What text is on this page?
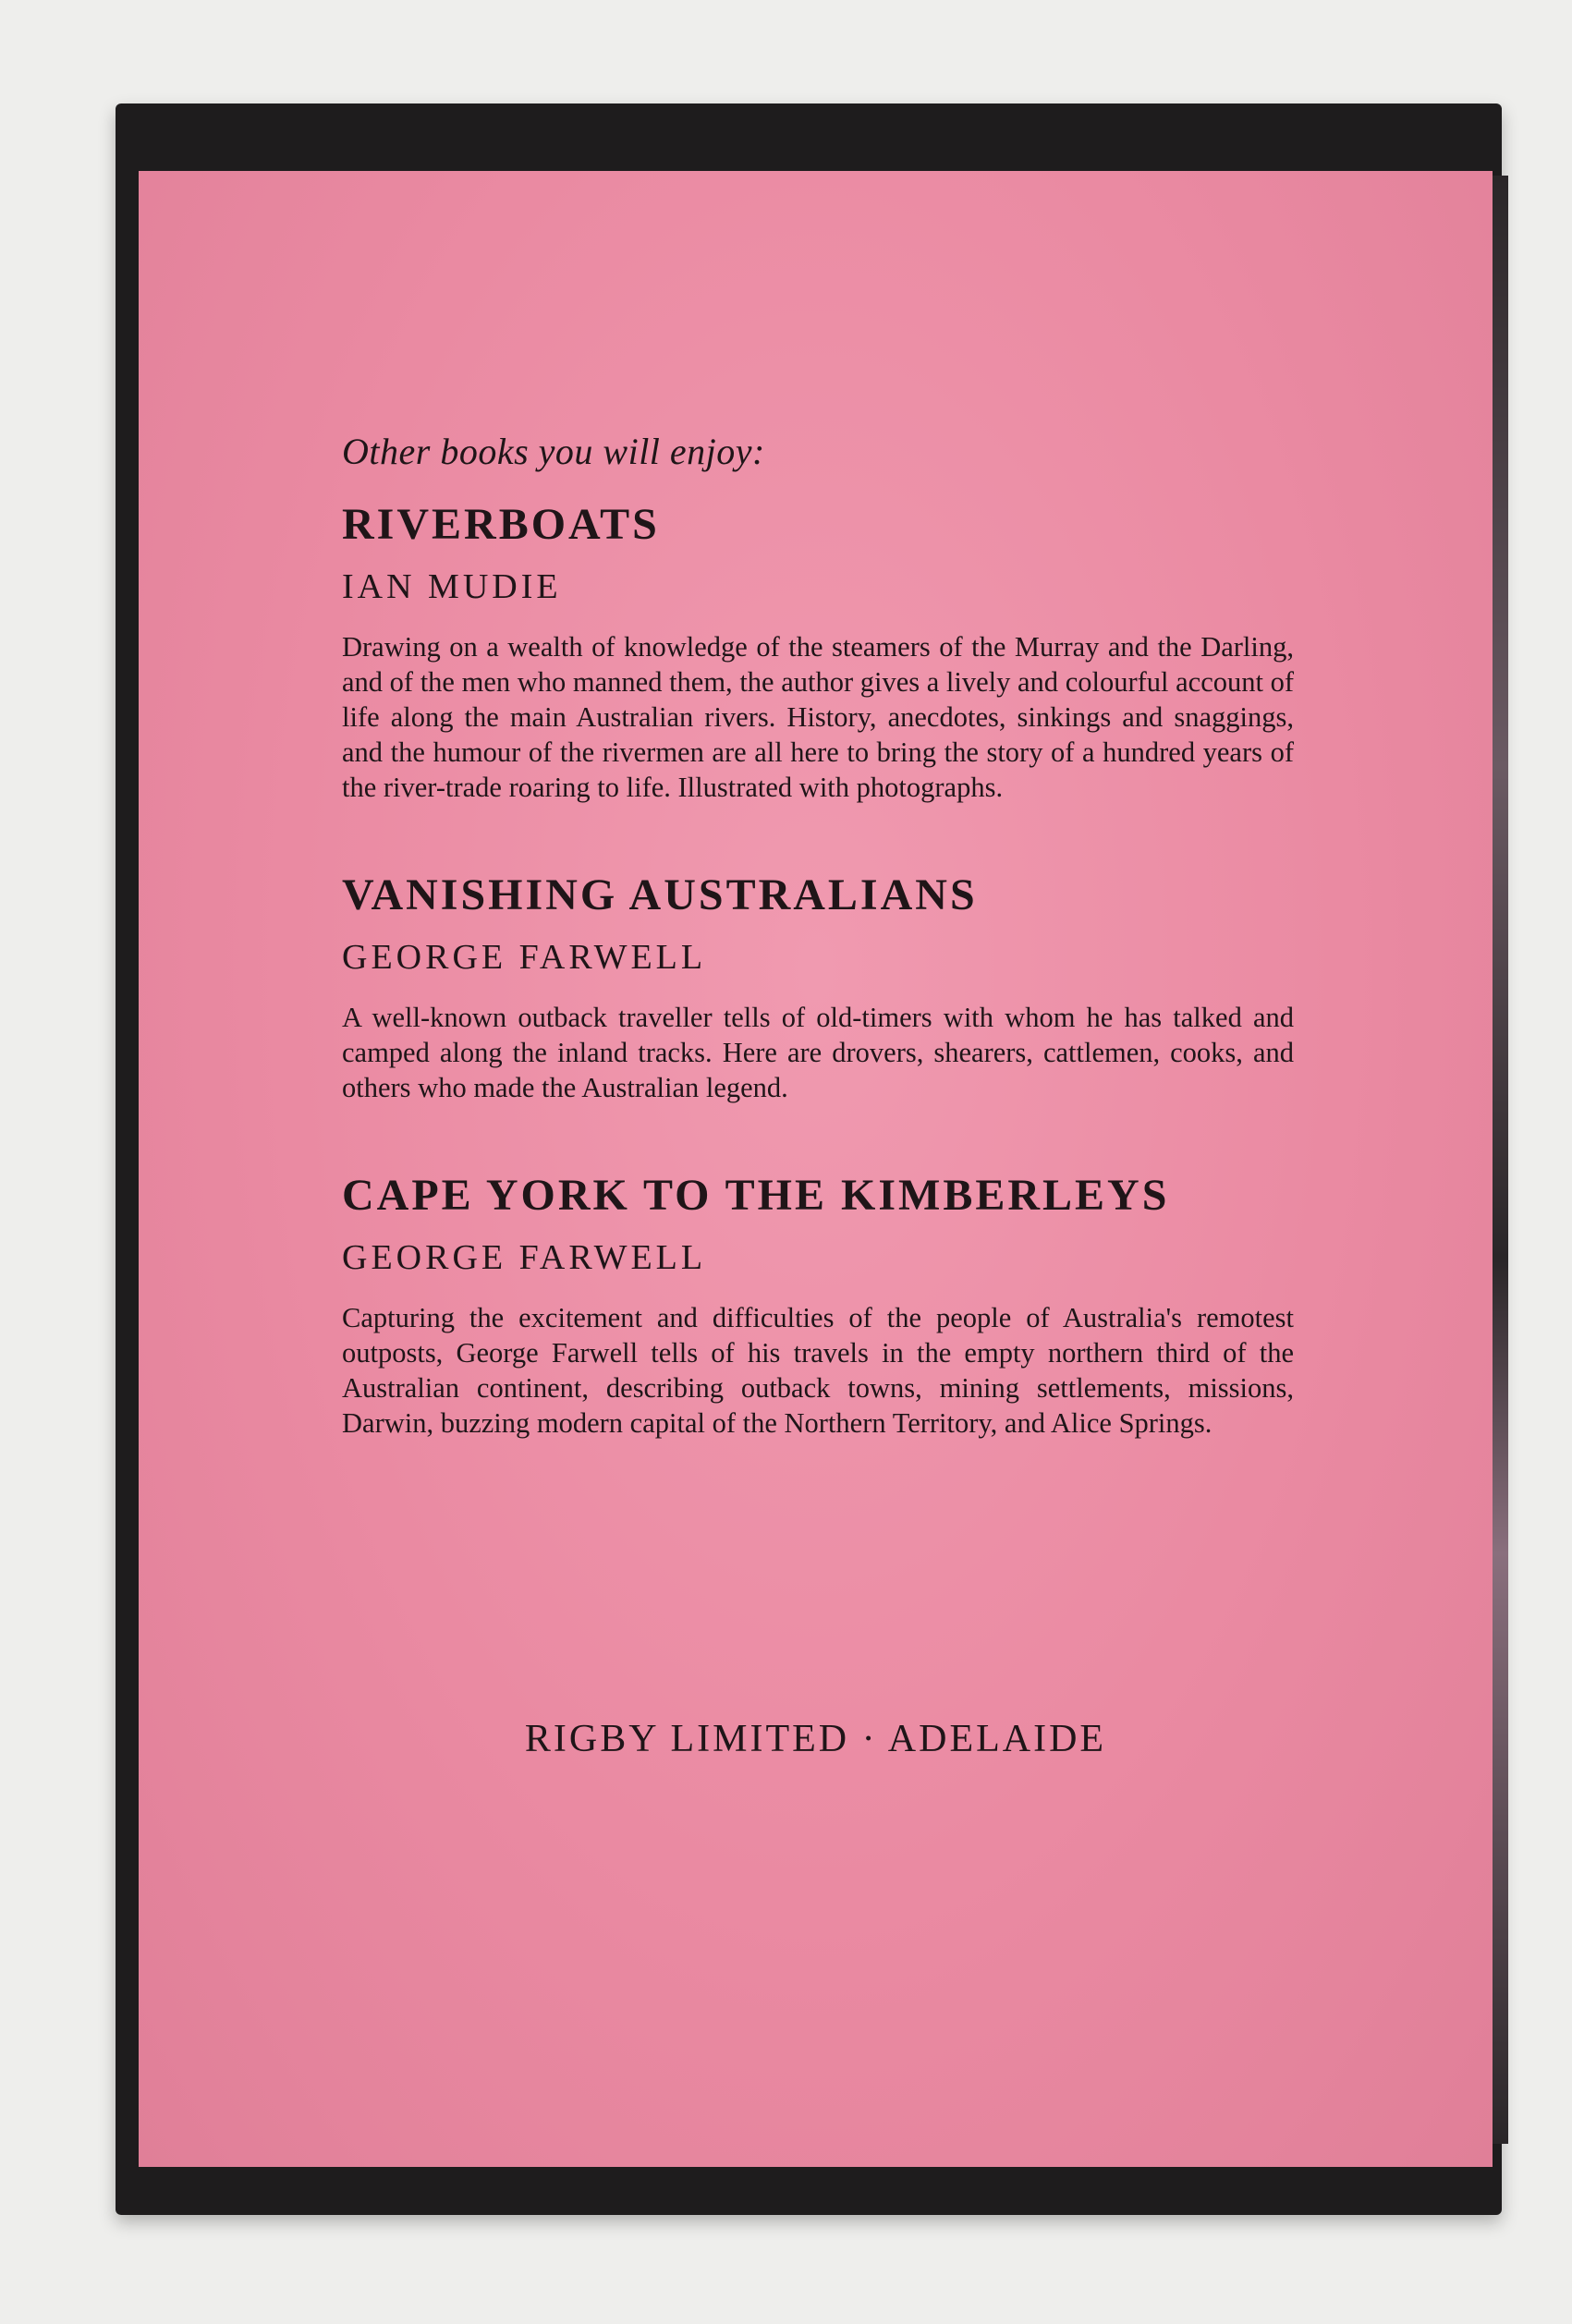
Other books you will enjoy:

RIVERBOATS
IAN MUDIE

Drawing on a wealth of knowledge of the steamers of the Murray and the Darling, and of the men who manned them, the author gives a lively and colourful account of life along the main Australian rivers. History, anecdotes, sinkings and snaggings, and the humour of the rivermen are all here to bring the story of a hundred years of the river-trade roaring to life. Illustrated with photographs.

VANISHING AUSTRALIANS
GEORGE FARWELL

A well-known outback traveller tells of old-timers with whom he has talked and camped along the inland tracks. Here are drovers, shearers, cattlemen, cooks, and others who made the Australian legend.

CAPE YORK TO THE KIMBERLEYS
GEORGE FARWELL

Capturing the excitement and difficulties of the people of Australia's remotest outposts, George Farwell tells of his travels in the empty northern third of the Australian continent, describing outback towns, mining settlements, missions, Darwin, buzzing modern capital of the Northern Territory, and Alice Springs.

RIGBY LIMITED · ADELAIDE
